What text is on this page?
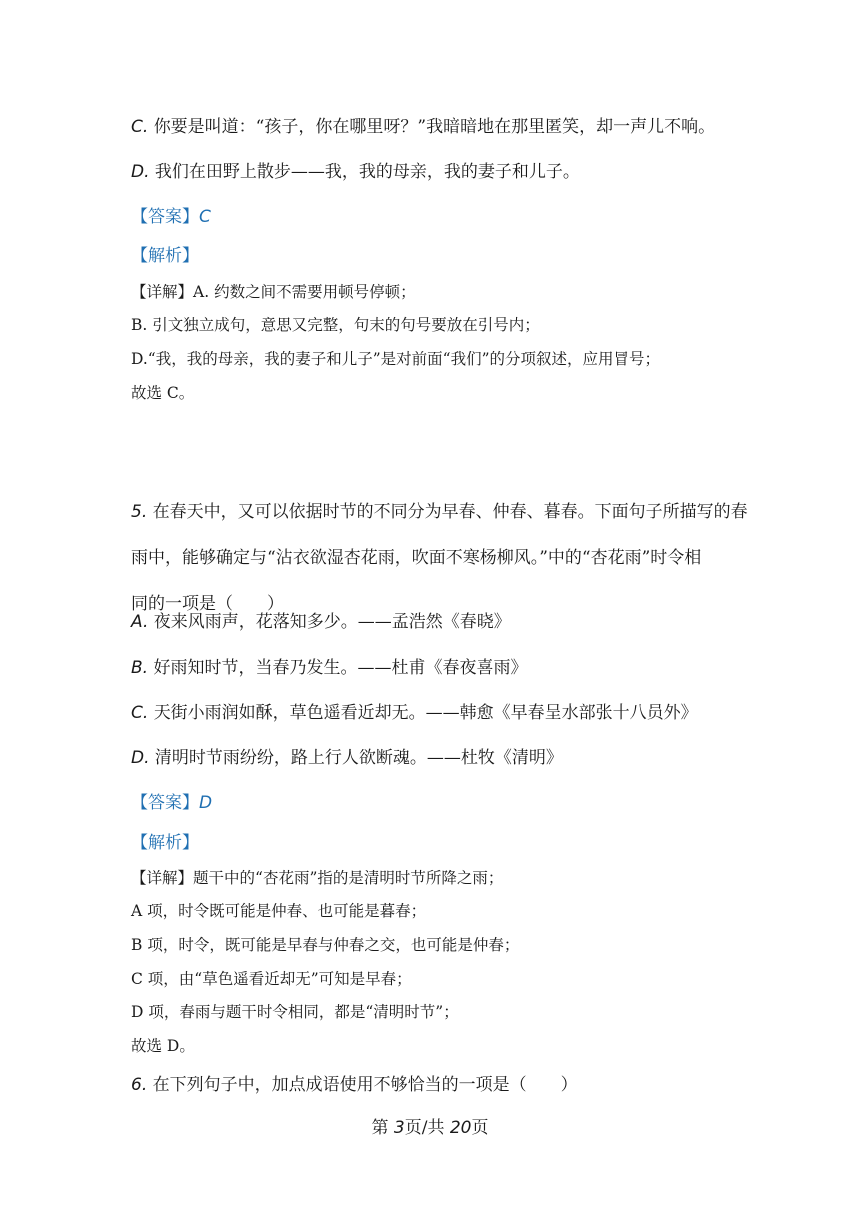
C. 你要是叫道：“孩子，你在哪里呀？”我暗暗地在那里匿笑，却一声儿不响。
D. 我们在田野上散步——我，我的母亲，我的妻子和儿子。
【答案】C
【解析】
【详解】A. 约数之间不需要用顿号停顿；
B. 引文独立成句，意思又完整，句末的句号要放在引号内；
D.“我，我的母亲，我的妻子和儿子”是对前面“我们”的分项叙述，应用冒号；
故选 C。
5. 在春天中，又可以依据时节的不同分为早春、仲春、暮春。下面句子所描写的春
雨中，能够确定与“沾衣欲湿杏花雨，吹面不寒杨柳风。”中的“杏花雨”时令相
同的一项是（　　）
A. 夜来风雨声，花落知多少。——孟浩然《春晓》
B. 好雨知时节，当春乃发生。——杜甫《春夜喜雨》
C. 天街小雨润如酥，草色遥看近却无。——韩愈《早春呈水部张十八员外》
D. 清明时节雨纷纷，路上行人欲断魂。——杜牧《清明》
【答案】D
【解析】
【详解】题干中的“杏花雨”指的是清明时节所降之雨；
A 项，时令既可能是仲春、也可能是暮春；
B 项，时令，既可能是早春与仲春之交，也可能是仲春；
C 项，由“草色遥看近却无”可知是早春；
D 项，春雨与题干时令相同，都是“清明时节”；
故选 D。
6. 在下列句子中，加点成语使用不够恰当的一项是（　　）
第 3页/共 20页
